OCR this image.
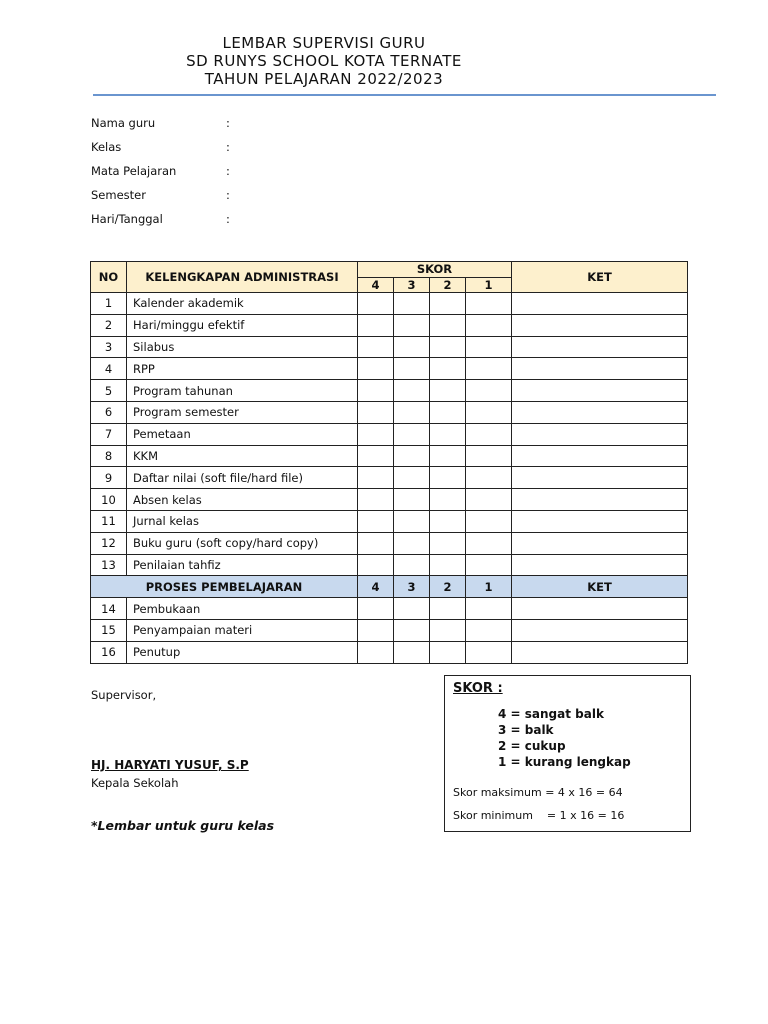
LEMBAR SUPERVISI GURU
SD RUNYS SCHOOL KOTA TERNATE
TAHUN PELAJARAN 2022/2023
Nama guru	:
Kelas	:
Mata Pelajaran	:
Semester	:
Hari/Tanggal	:
NO	KELENGKAPAN ADMINISTRASI	SKOR				KET
		4	3	2	1	
1	Kalender akademik					
2	Hari/minggu efektif					
3	Silabus					
4	RPP					
5	Program tahunan					
6	Program semester					
7	Pemetaan					
8	KKM					
9	Daftar nilai (soft file/hard file)					
10	Absen kelas					
11	Jurnal kelas					
12	Buku guru (soft copy/hard copy)					
13	Penilaian tahfiz					
PROSES PEMBELAJARAN		4	3	2	1	KET
14	Pembukaan					
15	Penyampaian materi					
16	Penutup					
Supervisor,
HJ. HARYATI YUSUF, S.P
Kepala Sekolah
*Lembar untuk guru kelas
SKOR :
4 = sangat balk
3 = balk
2 = cukup
1 = kurang lengkap
Skor maksimum = 4 x 16 = 64
Skor minimum    = 1 x 16 = 16
